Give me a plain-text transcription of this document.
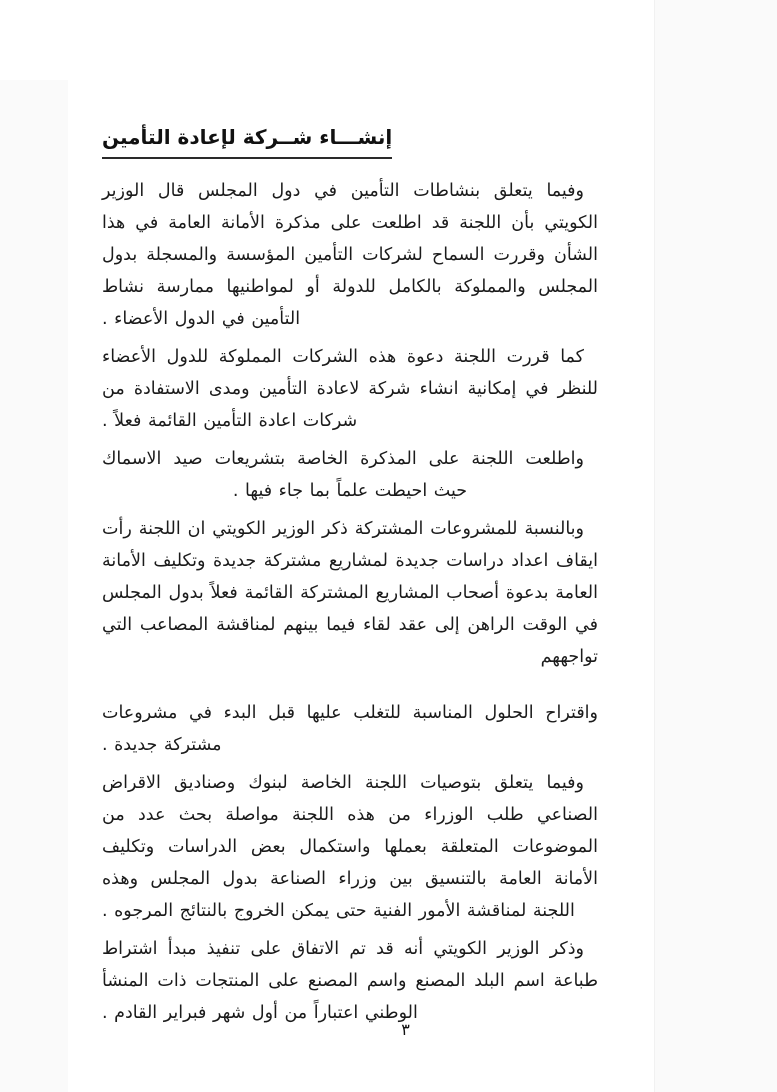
إنشـــاء شــركة لإعادة التأمين

وفيما يتعلق بنشاطات التأمين في دول المجلس قال الوزير الكويتي بأن اللجنة قد اطلعت على مذكرة الأمانة العامة في هذا الشأن وقررت السماح لشركات التأمين المؤسسة والمسجلة بدول المجلس والمملوكة بالكامل للدولة أو لمواطنيها ممارسة نشاط التأمين في الدول الأعضاء .

كما قررت اللجنة دعوة هذه الشركات المملوكة للدول الأعضاء للنظر في إمكانية انشاء شركة لاعادة التأمين ومدى الاستفادة من شركات اعادة التأمين القائمة فعلاً .

واطلعت اللجنة على المذكرة الخاصة بتشريعات صيد الاسماك حيث احيطت علماً بما جاء فيها .

وبالنسبة للمشروعات المشتركة ذكر الوزير الكويتي ان اللجنة رأت ايقاف اعداد دراسات جديدة لمشاريع مشتركة جديدة وتكليف الأمانة العامة بدعوة أصحاب المشاريع المشتركة القائمة فعلاً بدول المجلس في الوقت الراهن إلى عقد لقاء فيما بينهم لمناقشة المصاعب التي تواجههم

واقتراح الحلول المناسبة للتغلب عليها قبل البدء في مشروعات مشتركة جديدة .

وفيما يتعلق بتوصيات اللجنة الخاصة لبنوك وصناديق الاقراض الصناعي طلب الوزراء من هذه اللجنة مواصلة بحث عدد من الموضوعات المتعلقة بعملها واستكمال بعض الدراسات وتكليف الأمانة العامة بالتنسيق بين وزراء الصناعة بدول المجلس وهذه اللجنة لمناقشة الأمور الفنية حتى يمكن الخروج بالنتائج المرجوه .

وذكر الوزير الكويتي أنه قد تم الاتفاق على تنفيذ مبدأ اشتراط طباعة اسم البلد المصنع واسم المصنع على المنتجات ذات المنشأ الوطني اعتباراً من أول شهر فبراير القادم .

٣
